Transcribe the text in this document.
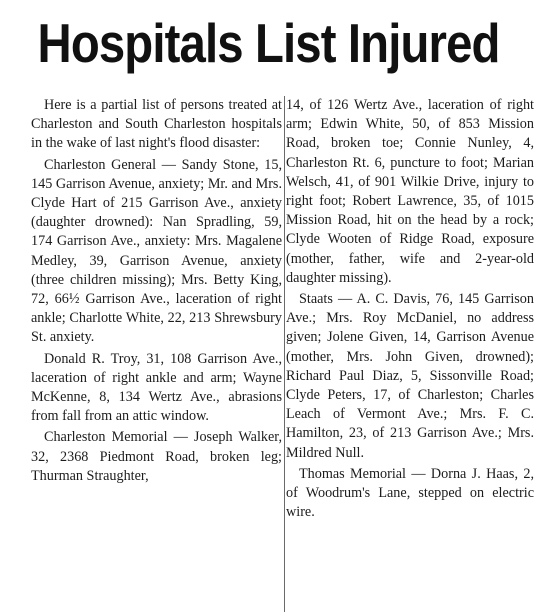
Hospitals List Injured

Here is a partial list of persons treated at Charleston and South Charleston hospitals in the wake of last night's flood disaster:

Charleston General — Sandy Stone, 15, 145 Garrison Avenue, anxiety; Mr. and Mrs. Clyde Hart of 215 Garrison Ave., anxiety (daughter drowned): Nan Spradling, 59, 174 Garrison Ave., anxiety: Mrs. Magalene Medley, 39, Garrison Avenue, anxiety (three children missing); Mrs. Betty King, 72, 66½ Garrison Ave., laceration of right ankle; Charlotte White, 22, 213 Shrewsbury St. anxiety.

Donald R. Troy, 31, 108 Garrison Ave., laceration of right ankle and arm; Wayne McKenne, 8, 134 Wertz Ave., abrasions from fall from an attic window.

Charleston Memorial — Joseph Walker, 32, 2368 Piedmont Road, broken leg; Thurman Straughter,

14, of 126 Wertz Ave., laceration of right arm; Edwin White, 50, of 853 Mission Road, broken toe; Connie Nunley, 4, Charleston Rt. 6, puncture to foot; Marian Welsch, 41, of 901 Wilkie Drive, injury to right foot; Robert Lawrence, 35, of 1015 Mission Road, hit on the head by a rock; Clyde Wooten of Ridge Road, exposure (mother, father, wife and 2-year-old daughter missing).

Staats — A. C. Davis, 76, 145 Garrison Ave.; Mrs. Roy McDaniel, no address given; Jolene Given, 14, Garrison Avenue (mother, Mrs. John Given, drowned); Richard Paul Diaz, 5, Sissonville Road; Clyde Peters, 17, of Charleston; Charles Leach of Vermont Ave.; Mrs. F. C. Hamilton, 23, of 213 Garrison Ave.; Mrs. Mildred Null.

Thomas Memorial — Dorna J. Haas, 2, of Woodrum's Lane, stepped on electric wire.
